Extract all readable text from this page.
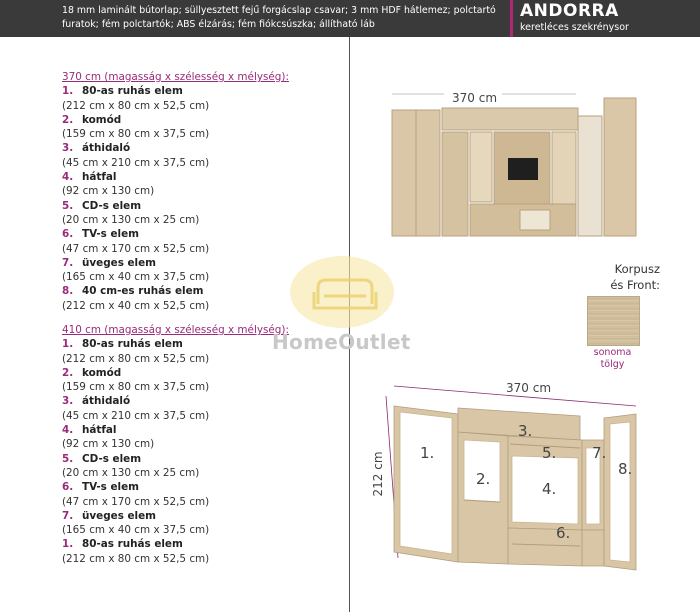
18 mm laminált bútorlap; süllyesztett fejű forgácslap csavar; 3 mm HDF hátlemez; polctartó furatok; fém polctartók; ABS élzárás; fém fiókcsúszka; állítható láb
ANDORRA
keretléces szekrénysor
370 cm (magasság x szélesség x mélység):
1. 80-as ruhás elem
(212 cm x 80 cm x 52,5 cm)
2. komód
(159 cm x 80 cm x 37,5 cm)
3. áthidaló
(45 cm x 210 cm x 37,5 cm)
4. hátfal
(92 cm x 130 cm)
5. CD-s elem
(20 cm x 130 cm x 25 cm)
6. TV-s elem
(47 cm x 170 cm x 52,5 cm)
7. üveges elem
(165 cm x 40 cm x 37,5 cm)
8. 40 cm-es ruhás elem
(212 cm x 40 cm x 52,5 cm)
410 cm (magasság x szélesség x mélység):
1. 80-as ruhás elem
(212 cm x 80 cm x 52,5 cm)
2. komód
(159 cm x 80 cm x 37,5 cm)
3. áthidaló
(45 cm x 210 cm x 37,5 cm)
4. hátfal
(92 cm x 130 cm)
5. CD-s elem
(20 cm x 130 cm x 25 cm)
6. TV-s elem
(47 cm x 170 cm x 52,5 cm)
7. üveges elem
(165 cm x 40 cm x 37,5 cm)
1. 80-as ruhás elem
(212 cm x 80 cm x 52,5 cm)
HomeOutlet
370 cm
Korpusz
és Front:
sonoma
tölgy
370 cm
212 cm 1.
2.
3.
4.
5.
6.
7.
8.
